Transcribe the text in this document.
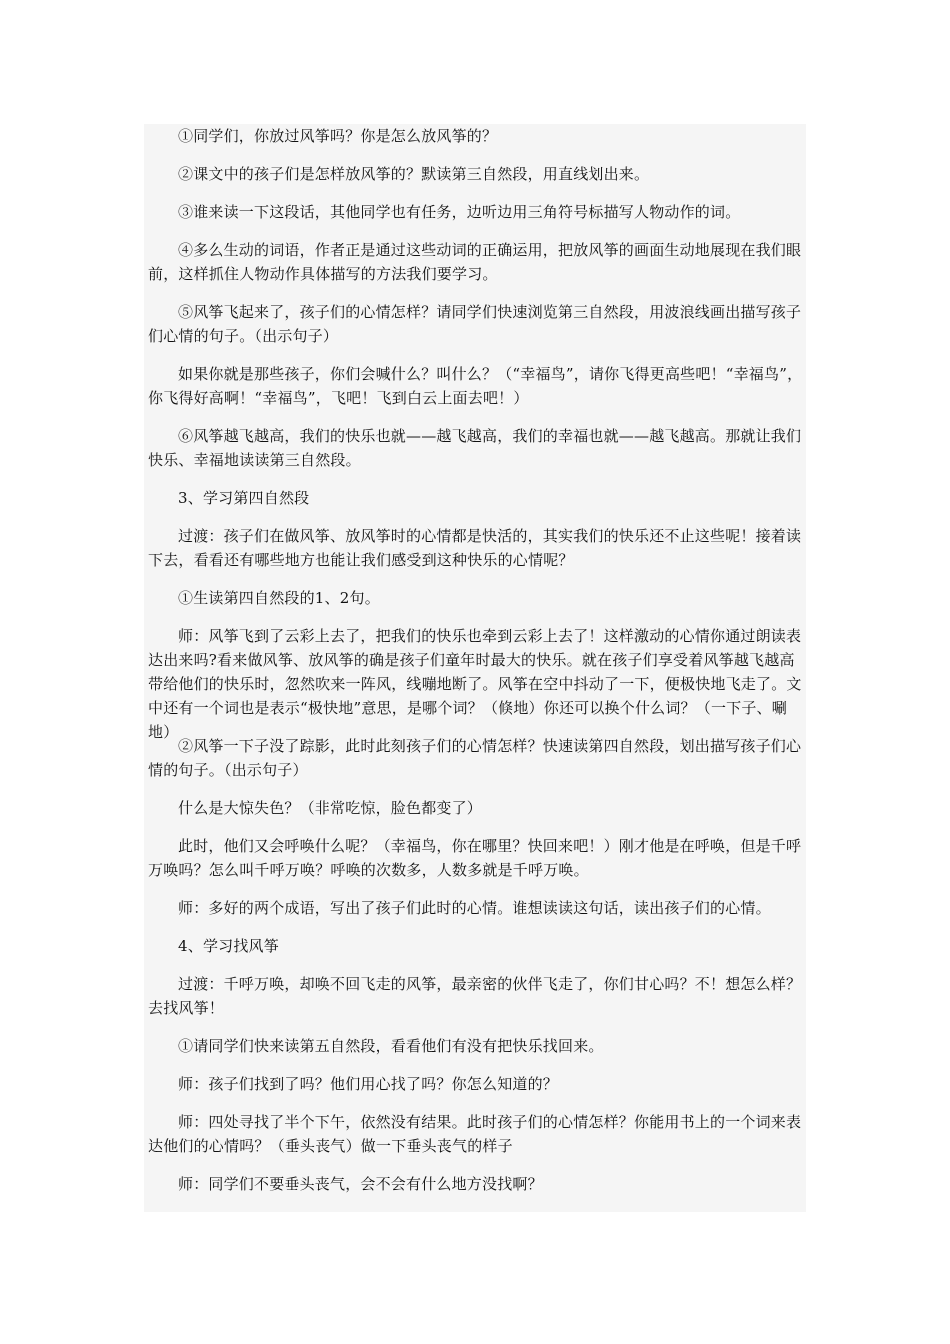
①同学们，你放过风筝吗？你是怎么放风筝的？

②课文中的孩子们是怎样放风筝的？默读第三自然段，用直线划出来。

③谁来读一下这段话，其他同学也有任务，边听边用三角符号标描写人物动作的词。

④多么生动的词语，作者正是通过这些动词的正确运用，把放风筝的画面生动地展现在我们眼前，这样抓住人物动作具体描写的方法我们要学习。

⑤风筝飞起来了，孩子们的心情怎样？请同学们快速浏览第三自然段，用波浪线画出描写孩子们心情的句子。（出示句子）

如果你就是那些孩子，你们会喊什么？叫什么？（“幸福鸟”，请你飞得更高些吧！“幸福鸟”，你飞得好高啊！“幸福鸟”，飞吧！飞到白云上面去吧！）

⑥风筝越飞越高，我们的快乐也就——越飞越高，我们的幸福也就——越飞越高。那就让我们快乐、幸福地读读第三自然段。

3、学习第四自然段

过渡：孩子们在做风筝、放风筝时的心情都是快活的，其实我们的快乐还不止这些呢！接着读下去，看看还有哪些地方也能让我们感受到这种快乐的心情呢？

①生读第四自然段的1、2句。

师：风筝飞到了云彩上去了，把我们的快乐也牵到云彩上去了！这样激动的心情你通过朗读表达出来吗?看来做风筝、放风筝的确是孩子们童年时最大的快乐。就在孩子们享受着风筝越飞越高带给他们的快乐时，忽然吹来一阵风，线嘣地断了。风筝在空中抖动了一下，便极快地飞走了。文中还有一个词也是表示“极快地”意思，是哪个词？（倏地）你还可以换个什么词？（一下子、唰地）

②风筝一下子没了踪影，此时此刻孩子们的心情怎样？快速读第四自然段，划出描写孩子们心情的句子。（出示句子）

什么是大惊失色？（非常吃惊，脸色都变了）

此时，他们又会呼唤什么呢？（幸福鸟，你在哪里？快回来吧！）刚才他是在呼唤，但是千呼万唤吗？怎么叫千呼万唤？呼唤的次数多，人数多就是千呼万唤。

师：多好的两个成语，写出了孩子们此时的心情。谁想读读这句话，读出孩子们的心情。

4、学习找风筝

过渡：千呼万唤，却唤不回飞走的风筝，最亲密的伙伴飞走了，你们甘心吗？不！想怎么样？去找风筝！

①请同学们快来读第五自然段，看看他们有没有把快乐找回来。

师：孩子们找到了吗？他们用心找了吗？你怎么知道的？

师：四处寻找了半个下午，依然没有结果。此时孩子们的心情怎样？你能用书上的一个词来表达他们的心情吗？（垂头丧气）做一下垂头丧气的样子

师：同学们不要垂头丧气，会不会有什么地方没找啊？
